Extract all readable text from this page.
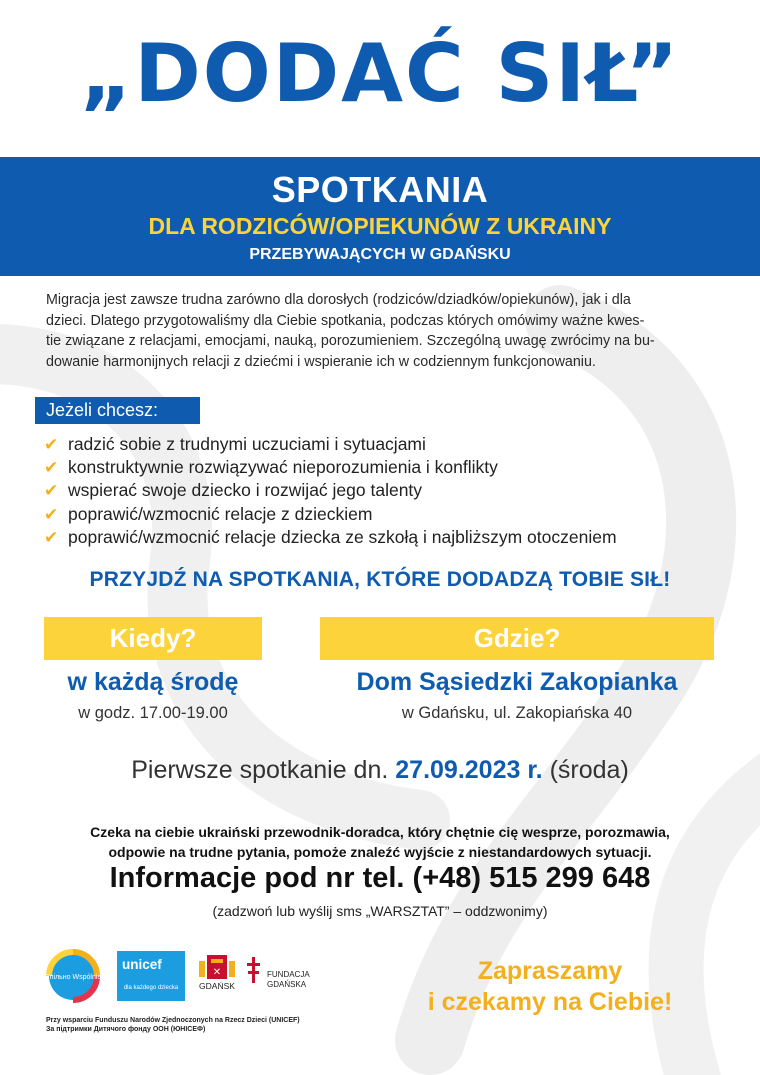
„DODAĆ SIŁ”
SPOTKANIA
DLA RODZICÓW/OPIEKUNÓW Z UKRAINY
PRZEBYWAJĄCYCH W GDAŃSKU
Migracja jest zawsze trudna zarówno dla dorosłych (rodziców/dziadków/opiekunów), jak i dla
dzieci. Dlatego przygotowaliśmy dla Ciebie spotkania, podczas których omówimy ważne kwes-
tie związane z relacjami, emocjami, nauką, porozumieniem. Szczególną uwagę zwrócimy na bu-
dowanie harmonijnych relacji z dziećmi i wspieranie ich w codziennym funkcjonowaniu.
Jeżeli chcesz:
✔ radzić sobie z trudnymi uczuciami i sytuacjami
✔ konstruktywnie rozwiązywać nieporozumienia i konflikty
✔ wspierać swoje dziecko i rozwijać jego talenty
✔ poprawić/wzmocnić relacje z dzieckiem
✔ poprawić/wzmocnić relacje dziecka ze szkołą i najbliższym otoczeniem
PRZYJDŹ NA SPOTKANIA, KTÓRE DODADZĄ TOBIE SIŁ!
Kiedy?	Gdzie?
w każdą środę
w godz. 17.00-19.00
Dom Sąsiedzki Zakopianka
w Gdańsku, ul. Zakopiańska 40
Pierwsze spotkanie dn. 27.09.2023 r. (środa)
Czeka na ciebie ukraiński przewodnik-doradca, który chętnie cię wesprze, porozmawia,
odpowie na trudne pytania, pomoże znaleźć wyjście z niestandardowych sytuacji.
Informacje pod nr tel. (+48) 515 299 648
(zadzwoń lub wyślij sms „WARSZTAT” – oddzwonimy)
Спільно Wspólnie
unicef
dla każdego dziecka
✕
GDAŃSK
FUNDACJA
GDAŃSKA
Przy wsparciu Funduszu Narodów Zjednoczonych na Rzecz Dzieci (UNICEF)
За підтримки Дитячого фонду ООН (ЮНІСЕФ)
Zapraszamy
i czekamy na Ciebie!
